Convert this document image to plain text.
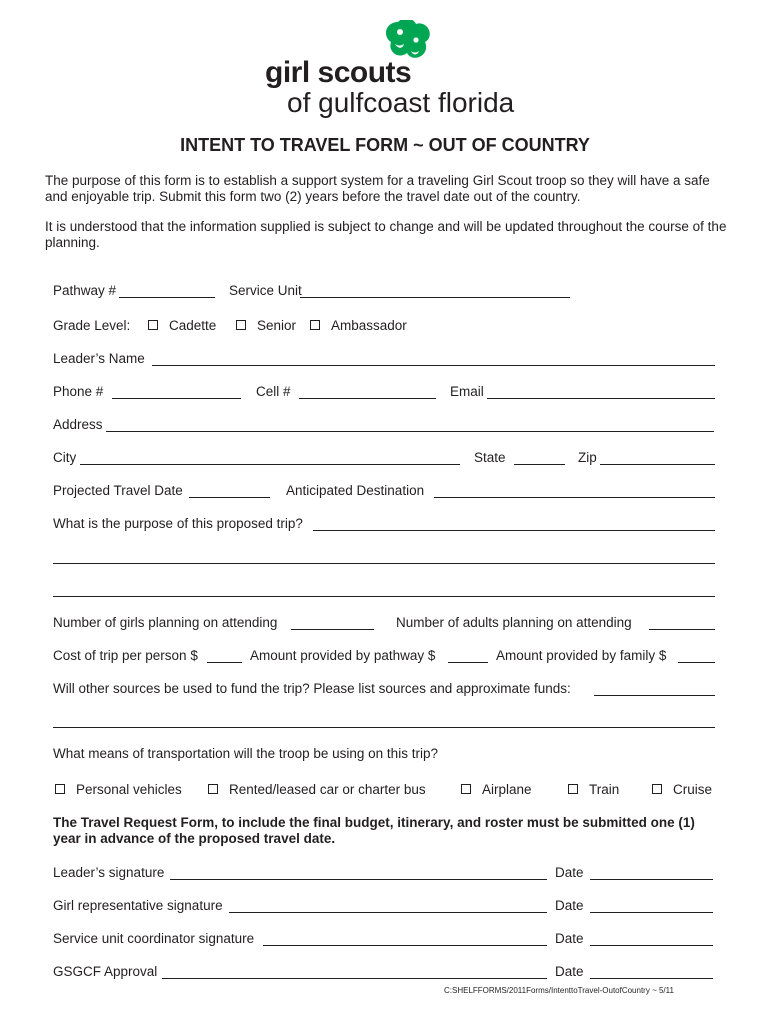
girl scouts
of gulfcoast florida
INTENT TO TRAVEL FORM ~ OUT OF COUNTRY
The purpose of this form is to establish a support system for a traveling Girl Scout troop so they will have a safe and enjoyable trip. Submit this form two (2) years before the travel date out of the country.
It is understood that the information supplied is subject to change and will be updated throughout the course of the planning.
Pathway #	Service Unit
Grade Level:	Cadette	Senior	Ambassador
Leader’s Name
Phone #	Cell #	Email
Address
City	State	Zip
Projected Travel Date	Anticipated Destination
What is the purpose of this proposed trip?
Number of girls planning on attending	Number of adults planning on attending
Cost of trip per person $	Amount provided by pathway $	Amount provided by family $
Will other sources be used to fund the trip? Please list sources and approximate funds:
What means of transportation will the troop be using on this trip?
Personal vehicles	Rented/leased car or charter bus	Airplane	Train	Cruise
The Travel Request Form, to include the final budget, itinerary, and roster must be submitted one (1) year in advance of the proposed travel date.
Leader’s signature	Date
Girl representative signature	Date
Service unit coordinator signature	Date
GSGCF Approval	Date
C:SHELFFORMS/2011Forms/IntenttoTravel-OutofCountry ~ 5/11
